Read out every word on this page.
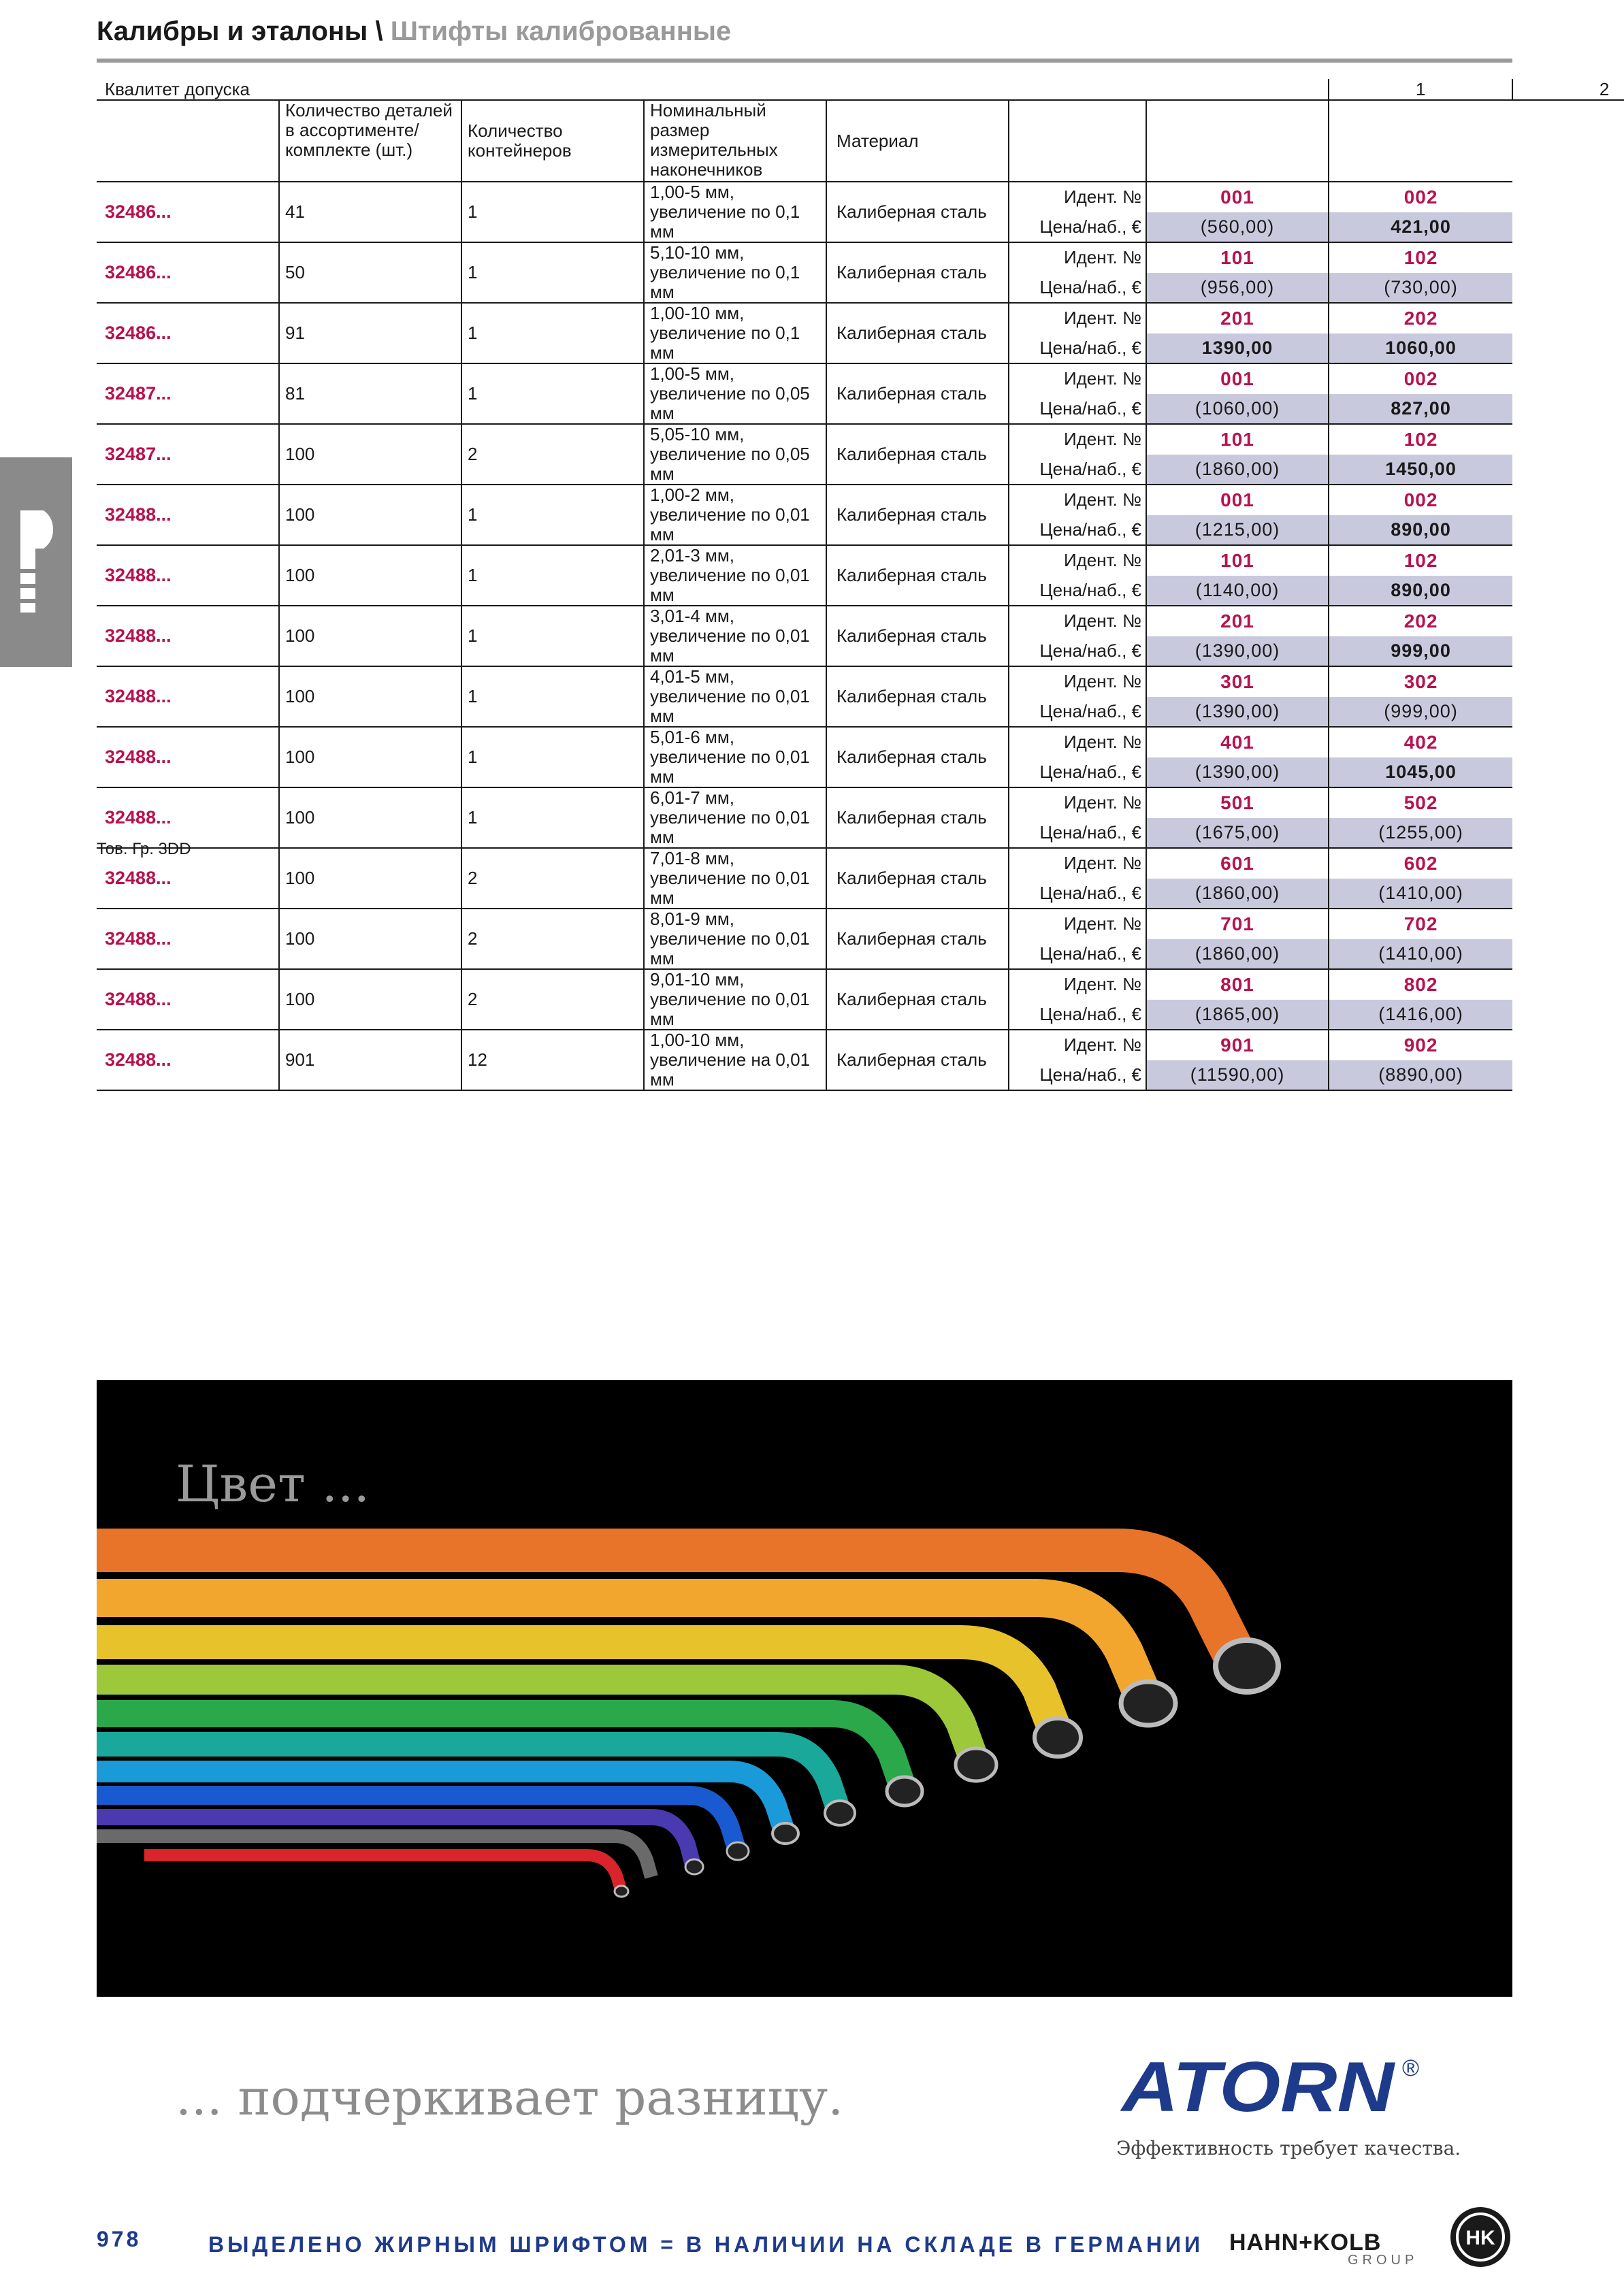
Калибры и эталоны \ Штифты калиброванные
Квалитет допуска							1	2
	Количество деталей в ассортименте/комплекте (шт.)	Количество контейнеров	Номинальный размер измерительных наконечников	Материал				
32486...	41	1	1,00-5 мм, увеличение по 0,1 мм	Калиберная сталь	Идент. №	001	002	
					Цена/наб., €	(560,00)	421,00	
32486...	50	1	5,10-10 мм, увеличение по 0,1 мм	Калиберная сталь	Идент. №	101	102	
					Цена/наб., €	(956,00)	(730,00)	
32486...	91	1	1,00-10 мм, увеличение по 0,1 мм	Калиберная сталь	Идент. №	201	202	
					Цена/наб., €	1390,00	1060,00	
32487...	81	1	1,00-5 мм, увеличение по 0,05 мм	Калиберная сталь	Идент. №	001	002	
					Цена/наб., €	(1060,00)	827,00	
32487...	100	2	5,05-10 мм, увеличение по 0,05 мм	Калиберная сталь	Идент. №	101	102	
					Цена/наб., €	(1860,00)	1450,00	
32488...	100	1	1,00-2 мм, увеличение по 0,01 мм	Калиберная сталь	Идент. №	001	002	
					Цена/наб., €	(1215,00)	890,00	
32488...	100	1	2,01-3 мм, увеличение по 0,01 мм	Калиберная сталь	Идент. №	101	102	
					Цена/наб., €	(1140,00)	890,00	
32488...	100	1	3,01-4 мм, увеличение по 0,01 мм	Калиберная сталь	Идент. №	201	202	
					Цена/наб., €	(1390,00)	999,00	
32488...	100	1	4,01-5 мм, увеличение по 0,01 мм	Калиберная сталь	Идент. №	301	302	
					Цена/наб., €	(1390,00)	(999,00)	
32488...	100	1	5,01-6 мм, увеличение по 0,01 мм	Калиберная сталь	Идент. №	401	402	
					Цена/наб., €	(1390,00)	1045,00	
32488...	100	1	6,01-7 мм, увеличение по 0,01 мм	Калиберная сталь	Идент. №	501	502	
					Цена/наб., €	(1675,00)	(1255,00)	
32488...	100	2	7,01-8 мм, увеличение по 0,01 мм	Калиберная сталь	Идент. №	601	602	
					Цена/наб., €	(1860,00)	(1410,00)	
32488...	100	2	8,01-9 мм, увеличение по 0,01 мм	Калиберная сталь	Идент. №	701	702	
					Цена/наб., €	(1860,00)	(1410,00)	
32488...	100	2	9,01-10 мм, увеличение по 0,01 мм	Калиберная сталь	Идент. №	801	802	
					Цена/наб., €	(1865,00)	(1416,00)	
32488...	901	12	1,00-10 мм, увеличение на 0,01 мм	Калиберная сталь	Идент. №	901	902	
					Цена/наб., €	(11590,00)	(8890,00)	
Тов. Гр. 3DD
Цвет ...
... подчеркивает разницу.	ATORN ®
Эффективность требует качества.
978	ВЫДЕЛЕНО ЖИРНЫМ ШРИФТОМ = В НАЛИЧИИ НА СКЛАДЕ В ГЕРМАНИИ HAHN+KOLB
GROUP
HK
